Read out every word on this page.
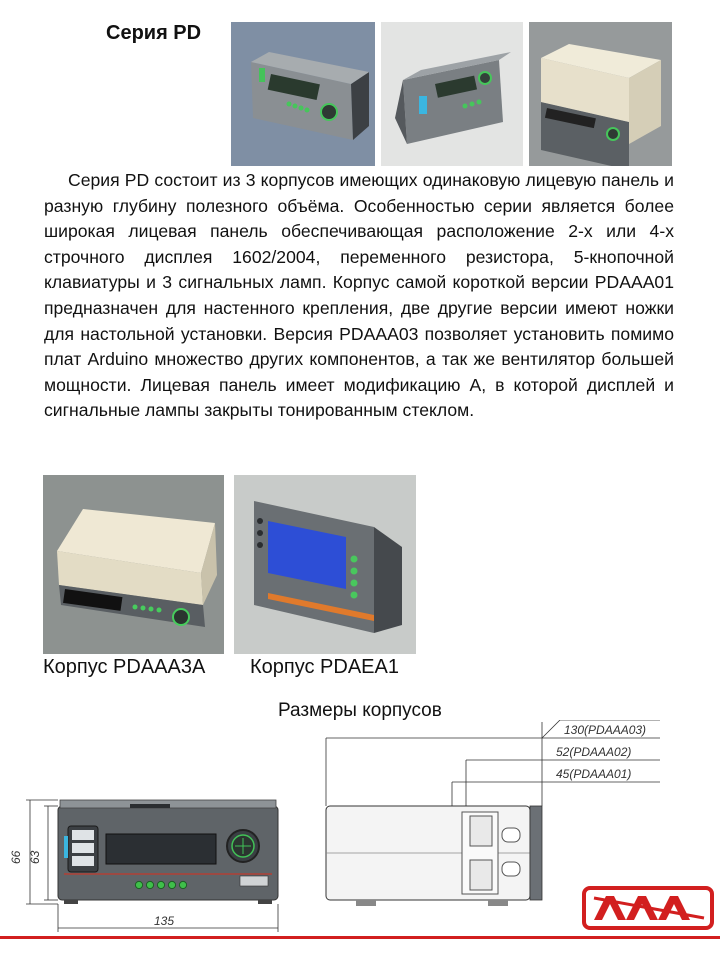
Серия PD
Серия PD состоит из 3 корпусов имеющих одинаковую лицевую панель и разную глубину полезного объёма. Особенностью серии является более широкая лицевая панель обеспечивающая расположение 2-х или 4-х строчного дисплея 1602/2004, переменного резистора, 5-кнопочной клавиатуры и 3 сигнальных ламп. Корпус самой короткой версии PDAAA01 предназначен для настенного крепления, две другие версии имеют ножки для настольной установки. Версия PDAAA03 позволяет установить помимо плат Arduino множество других компонентов, а так же вентилятор большей мощности. Лицевая панель имеет модификацию А, в которой дисплей и сигнальные лампы закрыты тонированным стеклом.
Корпус PDAAA3A Корпус PDAEA1
Размеры корпусов
66 63
135
130(PDAAA03)
52(PDAAA02)
45(PDAAA01)
